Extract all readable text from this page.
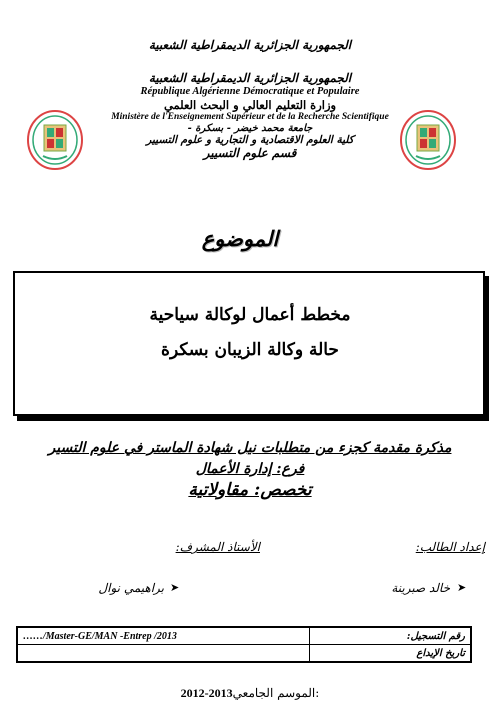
الجمهورية الجزائرية الديمقراطية الشعبية
الجمهورية الجزائرية الديمقراطية الشعبية
République Algérienne Démocratique et Populaire
وزارة التعليم العالي و البحث العلمي
Ministère de l'Enseignement Supérieur et de la Recherche Scientifique
جامعة محمد خيضر - بسكرة -
كلية العلوم الاقتصادية و التجارية و علوم التسيير
قسم علوم التسيير
الموضوع
مخطط أعمال لوكالة سياحية
حالة وكالة الزيبان بسكرة
مذكرة مقدمة كجزء من متطلبات نيل شهادة الماستر في علوم التسير
فرع: إدارة الأعمال
تخصص: مقاولاتية
إعداد الطالب:
الأستاذ المشرف:
➤
خالد صبرينة
➤
براهيمي نوال
……/Master-GE/MAN -Entrep /2013	رقم التسجيل:
	تاريخ الإيداع
2012-2013الموسم الجامعي:
